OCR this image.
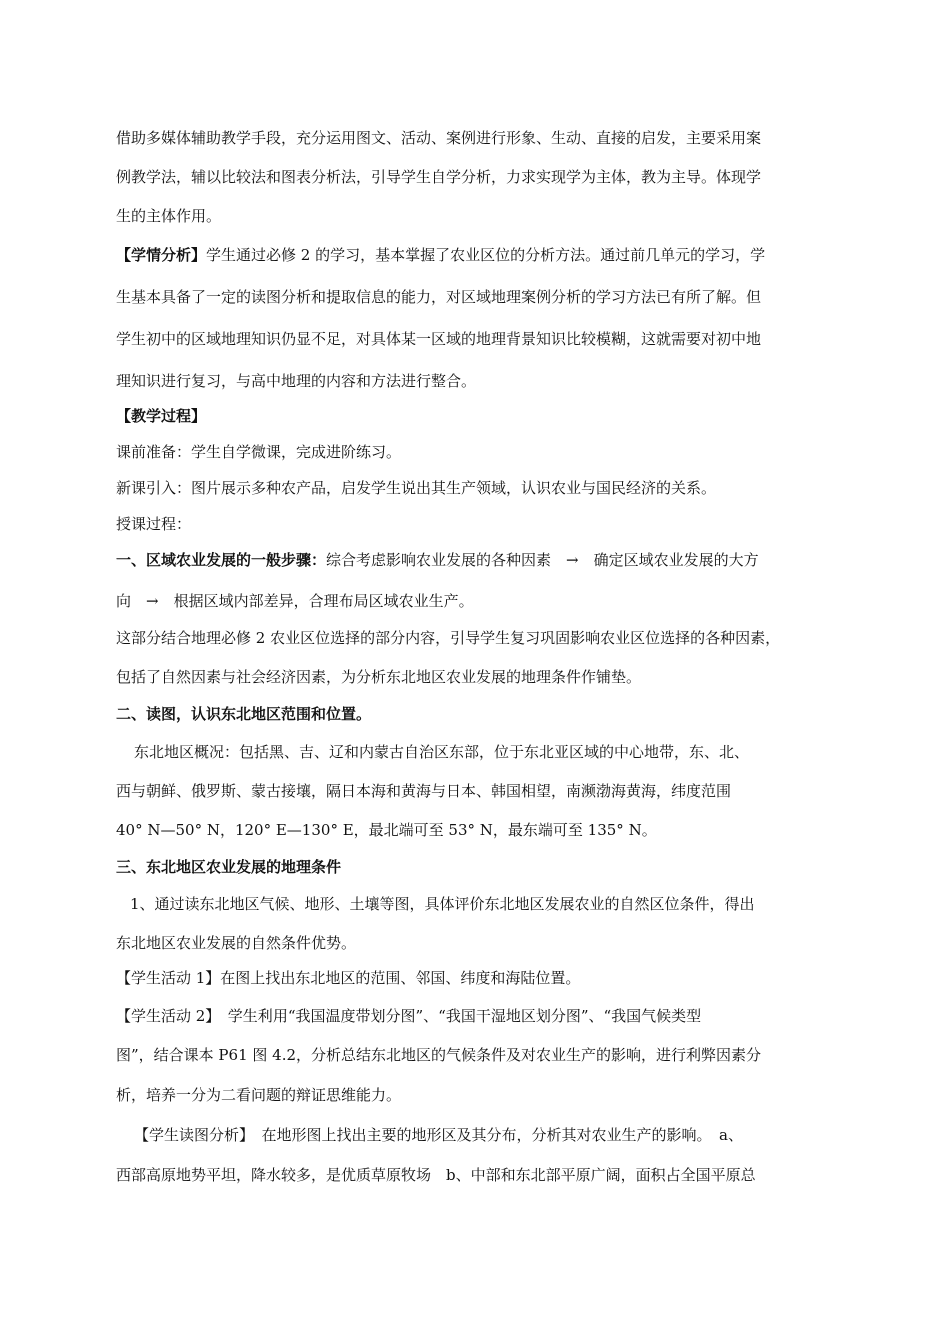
借助多媒体辅助教学手段，充分运用图文、活动、案例进行形象、生动、直接的启发，主要采用案
例教学法，辅以比较法和图表分析法，引导学生自学分析，力求实现学为主体，教为主导。体现学
生的主体作用。
【学情分析】学生通过必修 2 的学习，基本掌握了农业区位的分析方法。通过前几单元的学习，学
生基本具备了一定的读图分析和提取信息的能力，对区域地理案例分析的学习方法已有所了解。但
学生初中的区域地理知识仍显不足，对具体某一区域的地理背景知识比较模糊，这就需要对初中地
理知识进行复习，与高中地理的内容和方法进行整合。
【教学过程】
课前准备：学生自学微课，完成进阶练习。
新课引入：图片展示多种农产品，启发学生说出其生产领域，认识农业与国民经济的关系。
授课过程：
一、区域农业发展的一般步骤：综合考虑影响农业发展的各种因素　→　确定区域农业发展的大方
向　→　根据区域内部差异，合理布局区域农业生产。
这部分结合地理必修 2 农业区位选择的部分内容，引导学生复习巩固影响农业区位选择的各种因素，
包括了自然因素与社会经济因素，为分析东北地区农业发展的地理条件作铺垫。
二、读图，认识东北地区范围和位置。
东北地区概况：包括黑、吉、辽和内蒙古自治区东部，位于东北亚区域的中心地带，东、北、
西与朝鲜、俄罗斯、蒙古接壤，隔日本海和黄海与日本、韩国相望，南濒渤海黄海，纬度范围
40° N—50° N，120° E—130° E，最北端可至 53° N，最东端可至 135° N。
三、东北地区农业发展的地理条件
1、通过读东北地区气候、地形、土壤等图，具体评价东北地区发展农业的自然区位条件，得出
东北地区农业发展的自然条件优势。
【学生活动 1】在图上找出东北地区的范围、邻国、纬度和海陆位置。
【学生活动 2】　学生利用“我国温度带划分图”、“我国干湿地区划分图”、“我国气候类型
图”，结合课本 P61 图 4.2，分析总结东北地区的气候条件及对农业生产的影响，进行利弊因素分
析，培养一分为二看问题的辩证思维能力。
【学生读图分析】　在地形图上找出主要的地形区及其分布，分析其对农业生产的影响。　a、
西部高原地势平坦，降水较多，是优质草原牧场　b、中部和东北部平原广阔，面积占全国平原总
